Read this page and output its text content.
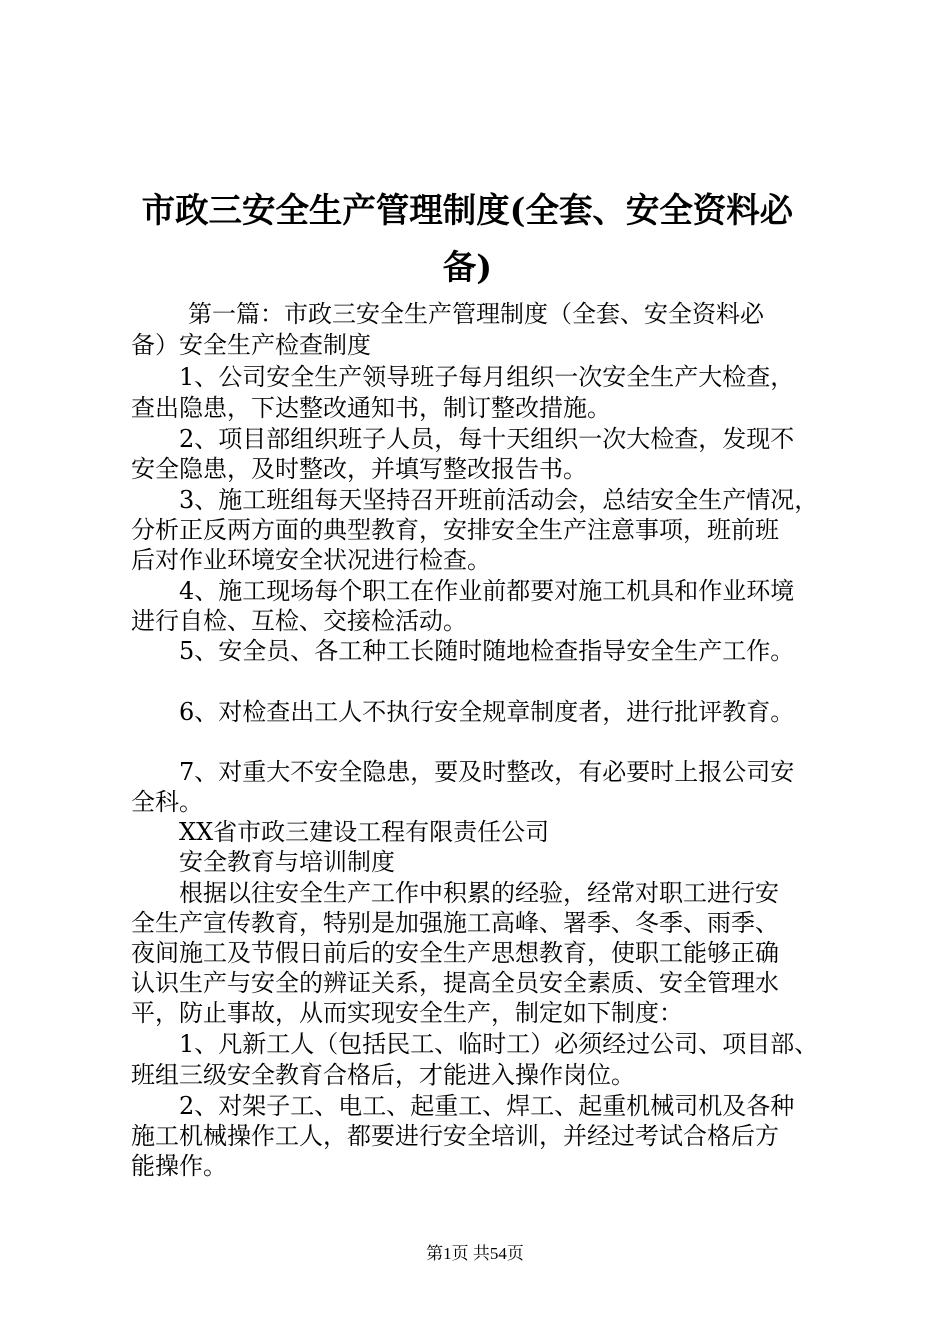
市政三安全生产管理制度(全套、安全资料必
备)
第一篇：市政三安全生产管理制度（全套、安全资料必
备）安全生产检查制度
1、公司安全生产领导班子每月组织一次安全生产大检查，
查出隐患，下达整改通知书，制订整改措施。
2、项目部组织班子人员，每十天组织一次大检查，发现不
安全隐患，及时整改，并填写整改报告书。
3、施工班组每天坚持召开班前活动会，总结安全生产情况，
分析正反两方面的典型教育，安排安全生产注意事项，班前班
后对作业环境安全状况进行检查。
4、施工现场每个职工在作业前都要对施工机具和作业环境
进行自检、互检、交接检活动。
5、安全员、各工种工长随时随地检查指导安全生产工作。
6、对检查出工人不执行安全规章制度者，进行批评教育。
7、对重大不安全隐患，要及时整改，有必要时上报公司安
全科。
XX省市政三建设工程有限责任公司
安全教育与培训制度
根据以往安全生产工作中积累的经验，经常对职工进行安
全生产宣传教育，特别是加强施工高峰、署季、冬季、雨季、
夜间施工及节假日前后的安全生产思想教育，使职工能够正确
认识生产与安全的辨证关系，提高全员安全素质、安全管理水
平，防止事故，从而实现安全生产，制定如下制度：
1、凡新工人（包括民工、临时工）必须经过公司、项目部、
班组三级安全教育合格后，才能进入操作岗位。
2、对架子工、电工、起重工、焊工、起重机械司机及各种
施工机械操作工人，都要进行安全培训，并经过考试合格后方
能操作。
第1页 共54页
